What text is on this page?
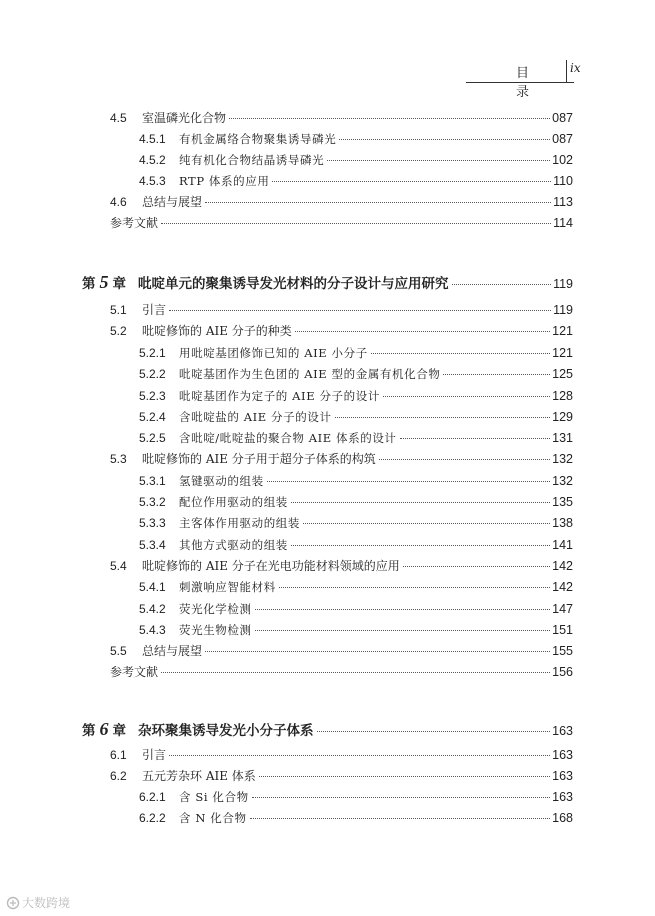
目 录
ix
4.5	室温磷光化合物	087
4.5.1	有机金属络合物聚集诱导磷光	087
4.5.2	纯有机化合物结晶诱导磷光	102
4.5.3	RTP 体系的应用	110
4.6	总结与展望	113
参考文献	114
第 5 章 吡啶单元的聚集诱导发光材料的分子设计与应用研究	119
5.1	引言	119
5.2	吡啶修饰的 AIE 分子的种类	121
5.2.1	用吡啶基团修饰已知的 AIE 小分子	121
5.2.2	吡啶基团作为生色团的 AIE 型的金属有机化合物	125
5.2.3	吡啶基团作为定子的 AIE 分子的设计	128
5.2.4	含吡啶盐的 AIE 分子的设计	129
5.2.5	含吡啶/吡啶盐的聚合物 AIE 体系的设计	131
5.3	吡啶修饰的 AIE 分子用于超分子体系的构筑	132
5.3.1	氢键驱动的组装	132
5.3.2	配位作用驱动的组装	135
5.3.3	主客体作用驱动的组装	138
5.3.4	其他方式驱动的组装	141
5.4	吡啶修饰的 AIE 分子在光电功能材料领域的应用	142
5.4.1	刺激响应智能材料	142
5.4.2	荧光化学检测	147
5.4.3	荧光生物检测	151
5.5	总结与展望	155
参考文献	156
第 6 章 杂环聚集诱导发光小分子体系	163
6.1	引言	163
6.2	五元芳杂环 AIE 体系	163
6.2.1	含 Si 化合物	163
6.2.2	含 N 化合物	168
大数跨境
